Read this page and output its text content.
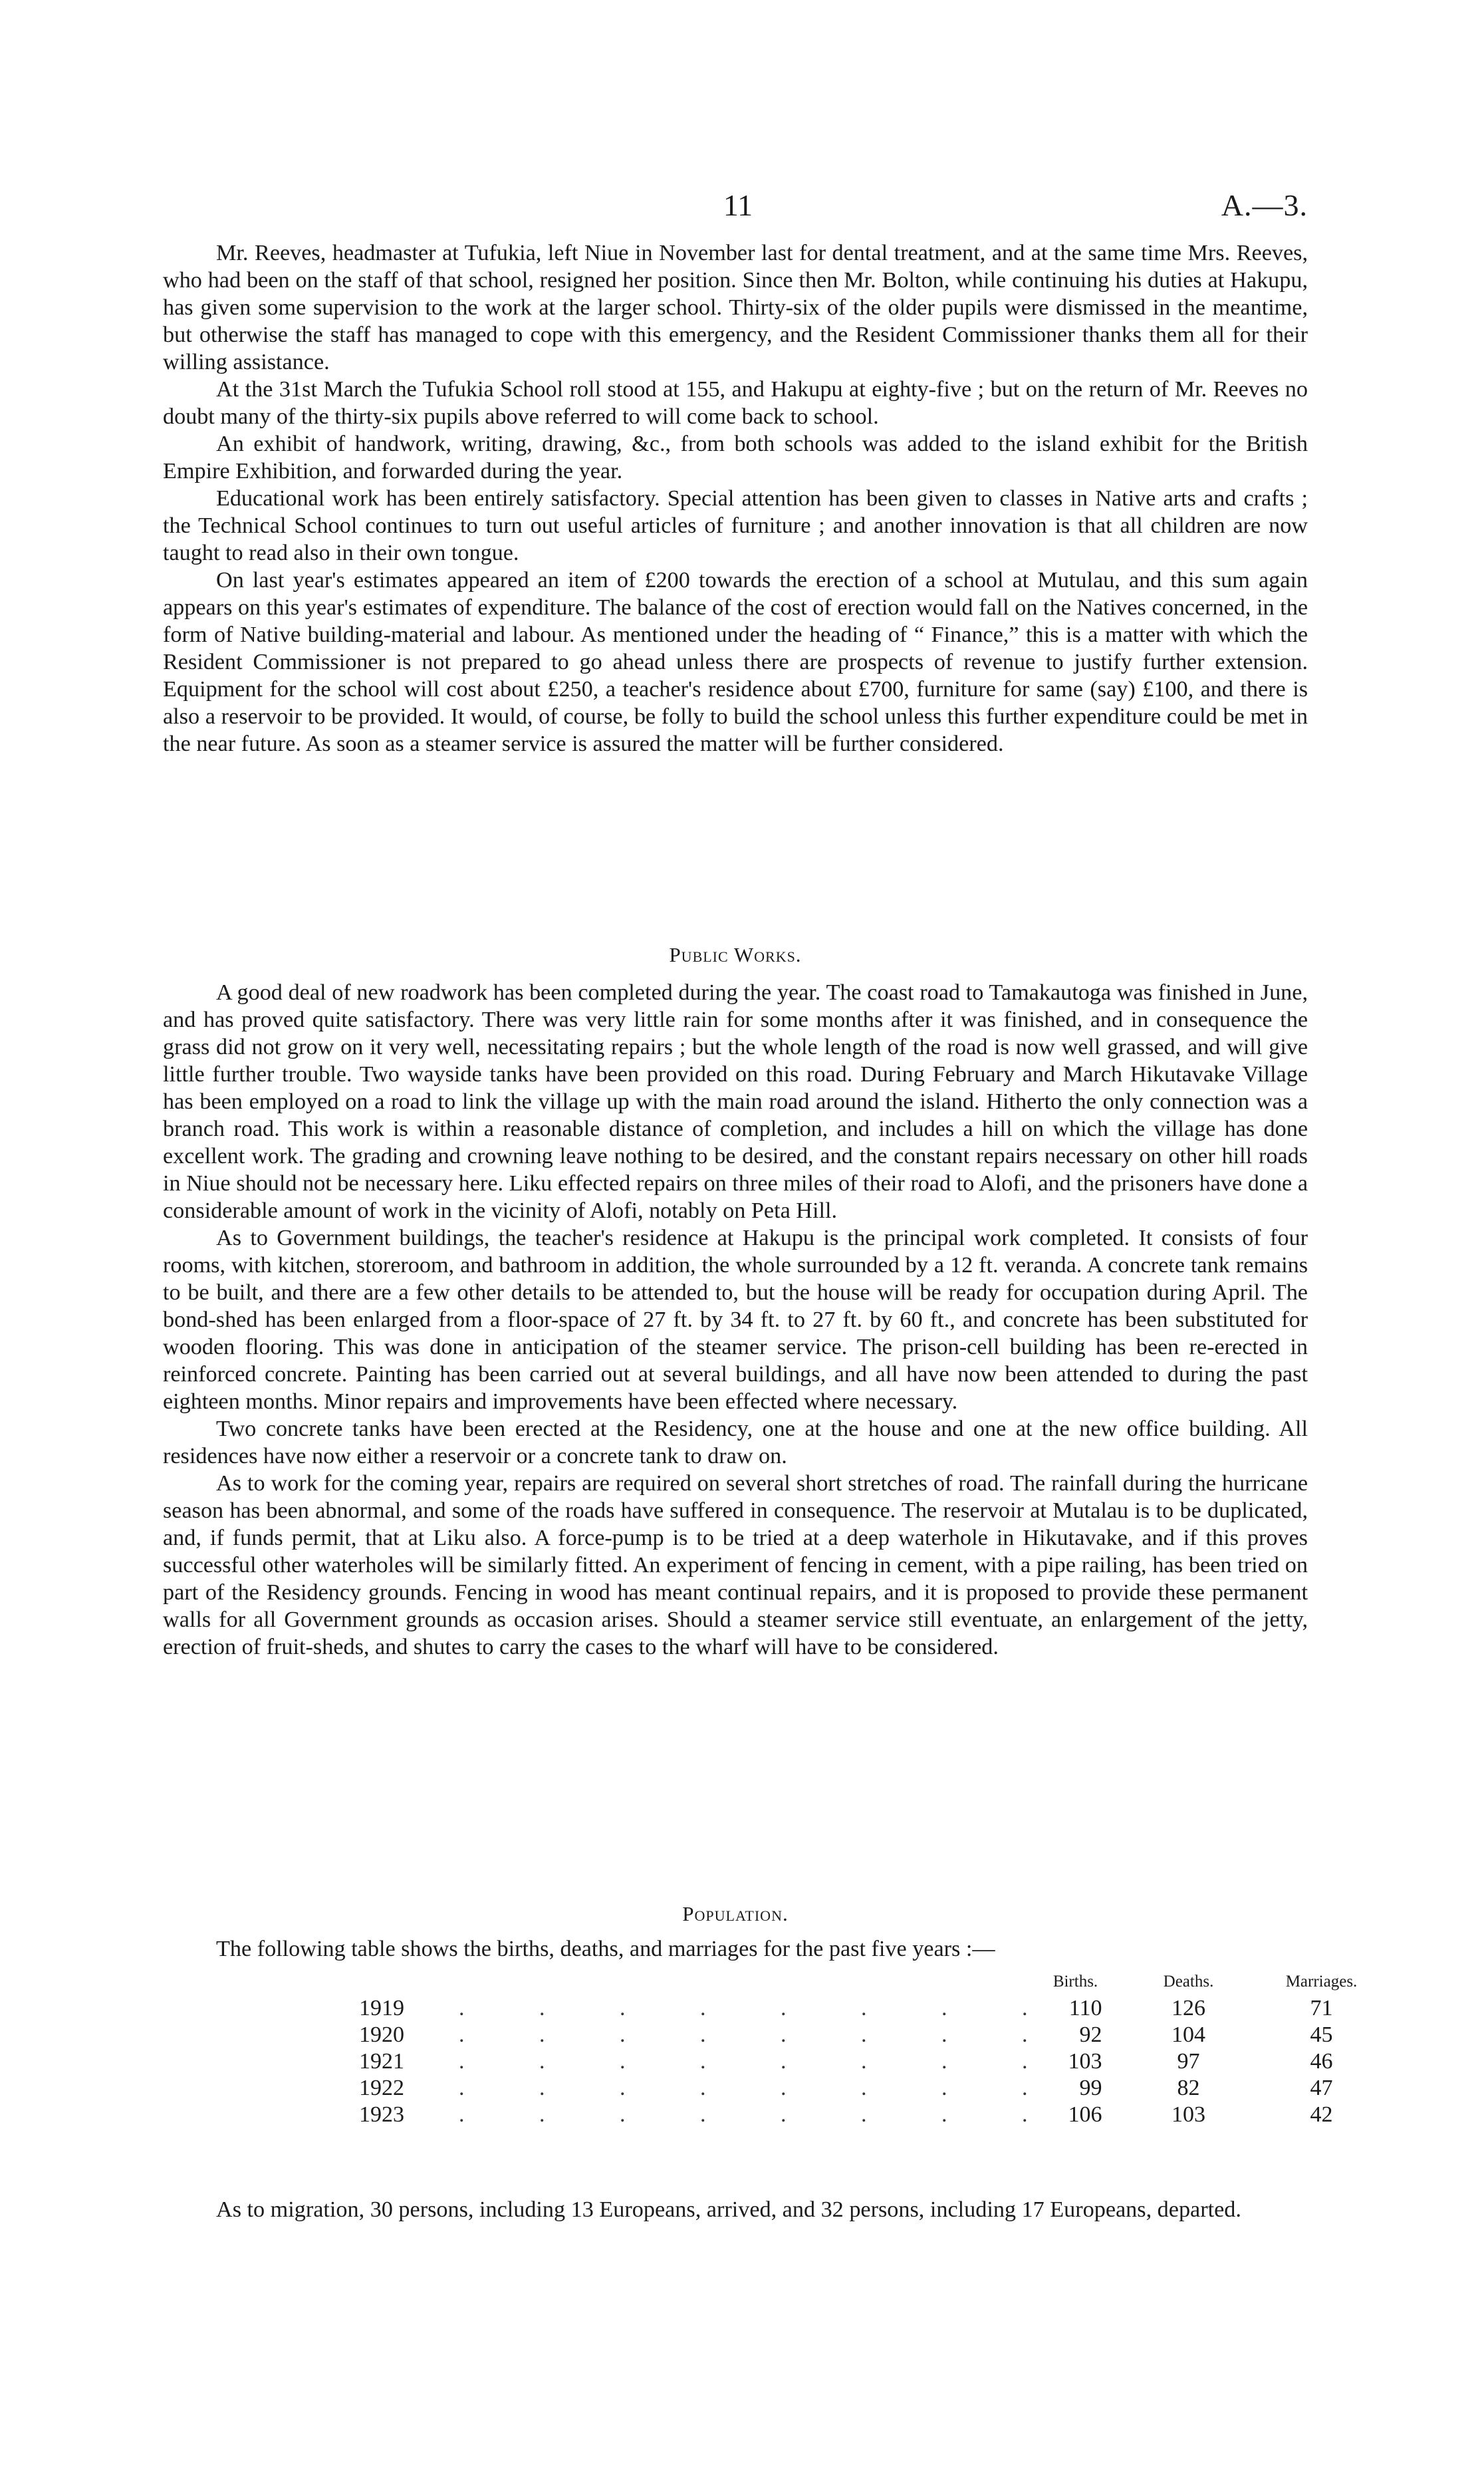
11	A.—3.

Mr. Reeves, headmaster at Tufukia, left Niue in November last for dental treatment, and at the same time Mrs. Reeves, who had been on the staff of that school, resigned her position. Since then Mr. Bolton, while continuing his duties at Hakupu, has given some supervision to the work at the larger school. Thirty-six of the older pupils were dismissed in the meantime, but otherwise the staff has managed to cope with this emergency, and the Resident Commissioner thanks them all for their willing assistance.

At the 31st March the Tufukia School roll stood at 155, and Hakupu at eighty-five ; but on the return of Mr. Reeves no doubt many of the thirty-six pupils above referred to will come back to school.

An exhibit of handwork, writing, drawing, &c., from both schools was added to the island exhibit for the British Empire Exhibition, and forwarded during the year.

Educational work has been entirely satisfactory. Special attention has been given to classes in Native arts and crafts ; the Technical School continues to turn out useful articles of furniture ; and another innovation is that all children are now taught to read also in their own tongue.

On last year's estimates appeared an item of £200 towards the erection of a school at Mutulau, and this sum again appears on this year's estimates of expenditure. The balance of the cost of erection would fall on the Natives concerned, in the form of Native building-material and labour. As mentioned under the heading of “ Finance,” this is a matter with which the Resident Commissioner is not prepared to go ahead unless there are prospects of revenue to justify further extension. Equipment for the school will cost about £250, a teacher's residence about £700, furniture for same (say) £100, and there is also a reservoir to be provided. It would, of course, be folly to build the school unless this further expenditure could be met in the near future. As soon as a steamer service is assured the matter will be further considered.

Public Works.

A good deal of new roadwork has been completed during the year. The coast road to Tamakautoga was finished in June, and has proved quite satisfactory. There was very little rain for some months after it was finished, and in consequence the grass did not grow on it very well, necessitating repairs ; but the whole length of the road is now well grassed, and will give little further trouble. Two wayside tanks have been provided on this road. During February and March Hikutavake Village has been employed on a road to link the village up with the main road around the island. Hitherto the only connection was a branch road. This work is within a reasonable distance of completion, and includes a hill on which the village has done excellent work. The grading and crowning leave nothing to be desired, and the constant repairs necessary on other hill roads in Niue should not be necessary here. Liku effected repairs on three miles of their road to Alofi, and the prisoners have done a considerable amount of work in the vicinity of Alofi, notably on Peta Hill.

As to Government buildings, the teacher's residence at Hakupu is the principal work completed. It consists of four rooms, with kitchen, storeroom, and bathroom in addition, the whole surrounded by a 12 ft. veranda. A concrete tank remains to be built, and there are a few other details to be attended to, but the house will be ready for occupation during April. The bond-shed has been enlarged from a floor-space of 27 ft. by 34 ft. to 27 ft. by 60 ft., and concrete has been substituted for wooden flooring. This was done in anticipation of the steamer service. The prison-cell building has been re-erected in reinforced concrete. Painting has been carried out at several buildings, and all have now been attended to during the past eighteen months. Minor repairs and improvements have been effected where necessary.

Two concrete tanks have been erected at the Residency, one at the house and one at the new office building. All residences have now either a reservoir or a concrete tank to draw on.

As to work for the coming year, repairs are required on several short stretches of road. The rainfall during the hurricane season has been abnormal, and some of the roads have suffered in consequence. The reservoir at Mutalau is to be duplicated, and, if funds permit, that at Liku also. A force-pump is to be tried at a deep waterhole in Hikutavake, and if this proves successful other waterholes will be similarly fitted. An experiment of fencing in cement, with a pipe railing, has been tried on part of the Residency grounds. Fencing in wood has meant continual repairs, and it is proposed to provide these permanent walls for all Government grounds as occasion arises. Should a steamer service still eventuate, an enlargement of the jetty, erection of fruit-sheds, and shutes to carry the cases to the wharf will have to be considered.

Population.
The following table shows the births, deaths, and marriages for the past five years :—
		Births.	Deaths.	Marriages.
1919	. . . . . . . .	110	126	71
1920	. . . . . . . .	92	104	45
1921	. . . . . . . .	103	97	46
1922	. . . . . . . .	99	82	47
1923	. . . . . . . .	106	103	42

As to migration, 30 persons, including 13 Europeans, arrived, and 32 persons, including 17 Europeans, departed.
